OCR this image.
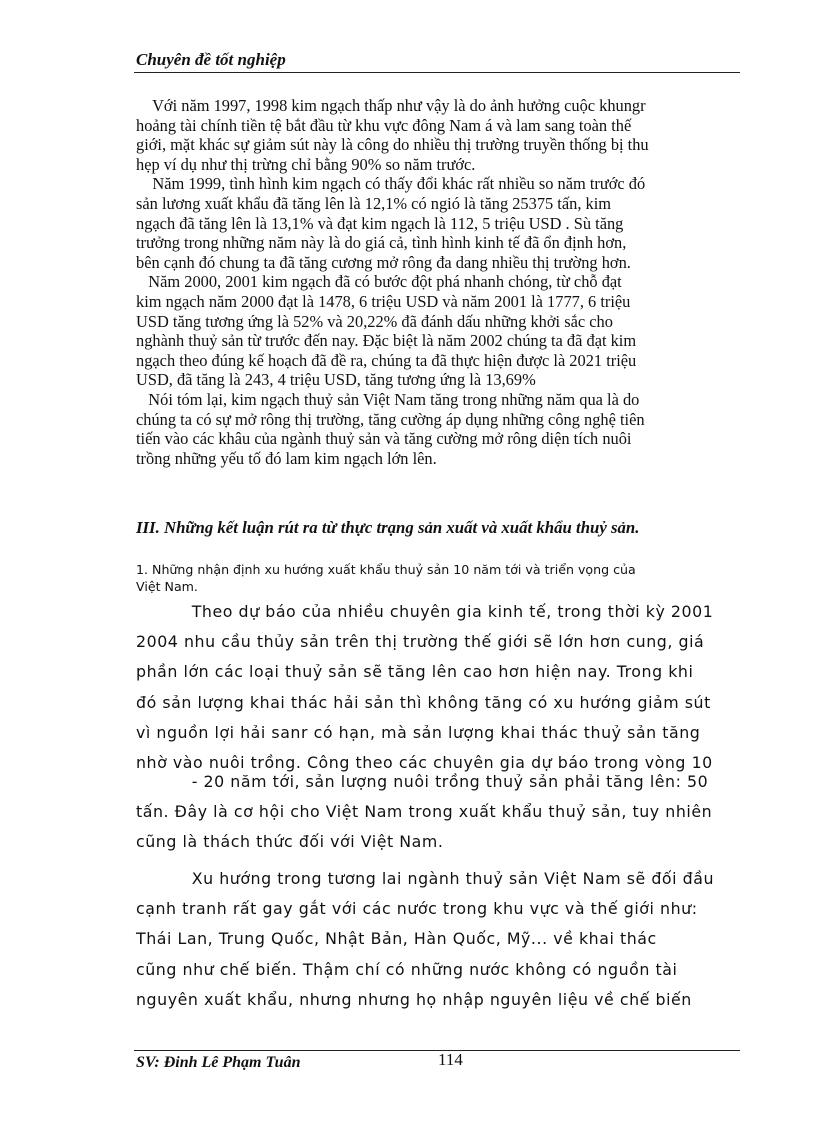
Chuyên đề tốt nghiệp

Với năm 1997, 1998 kim ngạch thấp như vậy là do ảnh hưởng cuộc khungr
hoảng tài chính tiền tệ bắt đầu từ khu vực đông Nam á và lam sang toàn thế
giới, mặt khác sự giảm sút này là công do nhiều thị trường truyền thống bị thu
hẹp ví dụ như thị trừng chỉ bằng 90% so năm trước.
Năm 1999, tình hình kim ngạch có thấy đổi khác rất nhiều so năm trước đó
sản lương xuất khẩu đã tăng lên là 12,1% có ngió là tăng 25375 tấn, kim
ngạch đã tăng lên là 13,1% và đạt kim ngạch là 112, 5 triệu USD . Sù tăng
trưởng trong những năm này là do giá cả, tình hình kinh tế đã ổn định hơn,
bên cạnh đó chung ta đã tăng cương mở rông đa dang nhiều thị trường hơn.
Năm 2000, 2001 kim ngạch đã có bước đột phá nhanh chóng, từ chỗ đạt
kim ngạch năm 2000 đạt là 1478, 6 triệu USD và năm 2001 là 1777, 6 triệu
USD tăng tương ứng là 52% và 20,22% đã đánh dấu những khởi sắc cho
nghành thuỷ sản từ trước đến nay. Đặc biệt là năm 2002 chúng ta đã đạt kim
ngạch theo đúng kế hoạch đã đề ra, chúng ta đã thực hiện được là 2021 triệu
USD, đã tăng là 243, 4 triệu USD, tăng tương ứng là 13,69%
Nói tóm lại, kim ngạch thuỷ sản Việt Nam tăng trong những năm qua là do
chúng ta có sự mở rông thị trường, tăng cường áp dụng những công nghệ tiên
tiến vào các khâu của ngành thuỷ sản và tăng cường mở rông diện tích nuôi
trồng những yếu tố đó lam kim ngạch lớn lên.

III. Những kết luận rút ra từ thực trạng sản xuất và xuất khẩu thuỷ sản.
1. Những nhận định xu hướng xuất khẩu thuỷ sản 10 năm tới và triển vọng của
Việt Nam.

Theo dự báo của nhiều chuyên gia kinh tế, trong thời kỳ 2001
2004 nhu cầu thủy sản trên thị trường thế giới sẽ lớn hơn cung, giá
phần lớn các loại thuỷ sản sẽ tăng lên cao hơn hiện nay. Trong khi
đó sản lượng khai thác hải sản thì không tăng có xu hướng giảm sút
vì nguồn lợi hải sanr có hạn, mà sản lượng khai thác thuỷ sản tăng
nhờ vào nuôi trồng. Công theo các chuyên gia dự báo trong vòng 10

- 20 năm tới, sản lượng nuôi trồng thuỷ sản phải tăng lên: 50
tấn. Đây là cơ hội cho Việt Nam trong xuất khẩu thuỷ sản, tuy nhiên
cũng là thách thức đối với Việt Nam.

Xu hướng trong tương lai ngành thuỷ sản Việt Nam sẽ đối đầu
cạnh tranh rất gay gắt với các nước trong khu vực và thế giới như:
Thái Lan, Trung Quốc, Nhật Bản, Hàn Quốc, Mỹ... về khai thác
cũng như chế biến. Thậm chí có những nước không có nguồn tài
nguyên xuất khẩu, nhưng nhưng họ nhập nguyên liệu về chế biến

SV: Đinh Lê Phạm Tuân	114
